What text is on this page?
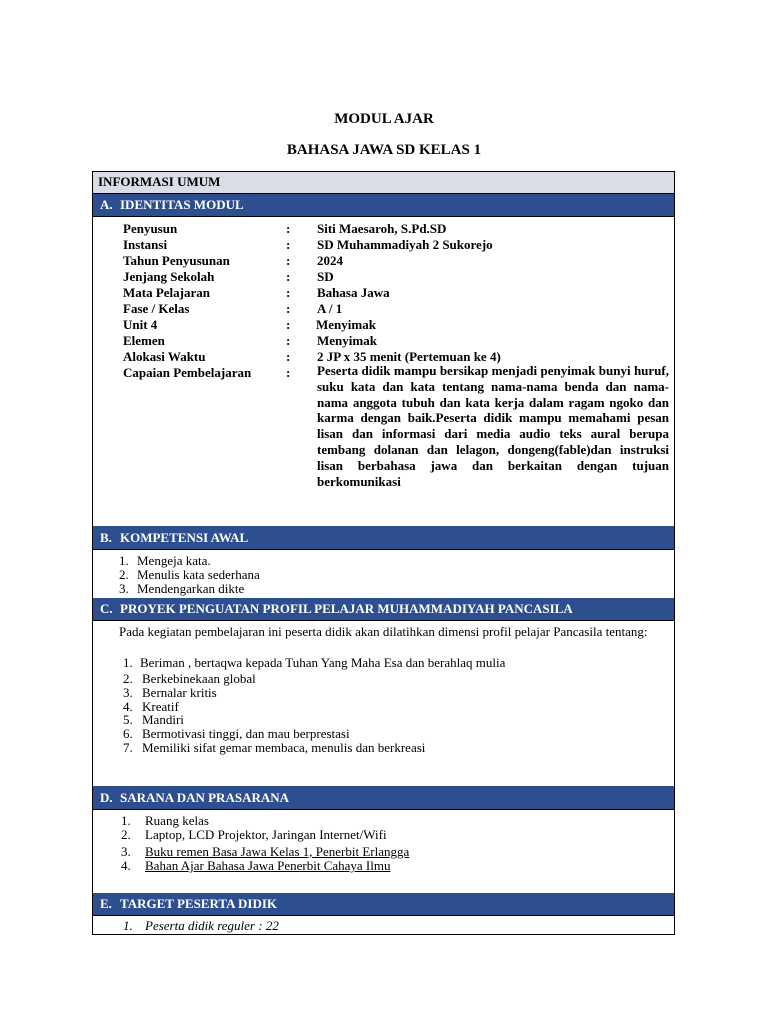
MODUL AJAR
BAHASA JAWA SD KELAS 1
INFORMASI UMUM
A. IDENTITAS MODUL
Penyusun	: Siti Maesaroh, S.Pd.SD
Instansi	: SD Muhammadiyah 2 Sukorejo
Tahun Penyusunan	: 2024
Jenjang Sekolah	: SD
Mata Pelajaran	: Bahasa Jawa
Fase / Kelas	: A / 1
Unit 4	: Menyimak
Elemen	: Menyimak
Alokasi Waktu	: 2 JP x 35 menit (Pertemuan ke 4)
Capaian Pembelajaran	: Peserta didik mampu bersikap menjadi penyimak bunyi huruf, suku kata dan kata tentang nama-nama benda dan nama-nama anggota tubuh dan kata kerja dalam ragam ngoko dan karma dengan baik.Peserta didik mampu memahami pesan lisan dan informasi dari media audio teks aural berupa tembang dolanan dan lelagon, dongeng(fable)dan instruksi lisan berbahasa jawa dan berkaitan dengan tujuan berkomunikasi
B. KOMPETENSI AWAL
1. Mengeja kata.
2. Menulis kata sederhana
3. Mendengarkan dikte
C. PROYEK PENGUATAN PROFIL PELAJAR MUHAMMADIYAH PANCASILA
Pada kegiatan pembelajaran ini peserta didik akan dilatihkan dimensi profil pelajar Pancasila tentang:
1. Beriman , bertaqwa kepada Tuhan Yang Maha Esa dan berahlaq mulia
2. Berkebinekaan global
3. Bernalar kritis
4. Kreatif
5. Mandiri
6. Bermotivasi tinggi, dan mau berprestasi
7. Memiliki sifat gemar membaca, menulis dan berkreasi
D. SARANA DAN PRASARANA
1. Ruang kelas
2. Laptop, LCD Projektor, Jaringan Internet/Wifi
3. Buku remen Basa Jawa Kelas 1, Penerbit Erlangga
4. Bahan Ajar Bahasa Jawa Penerbit Cahaya Ilmu
E. TARGET PESERTA DIDIK
1. Peserta didik reguler : 22
